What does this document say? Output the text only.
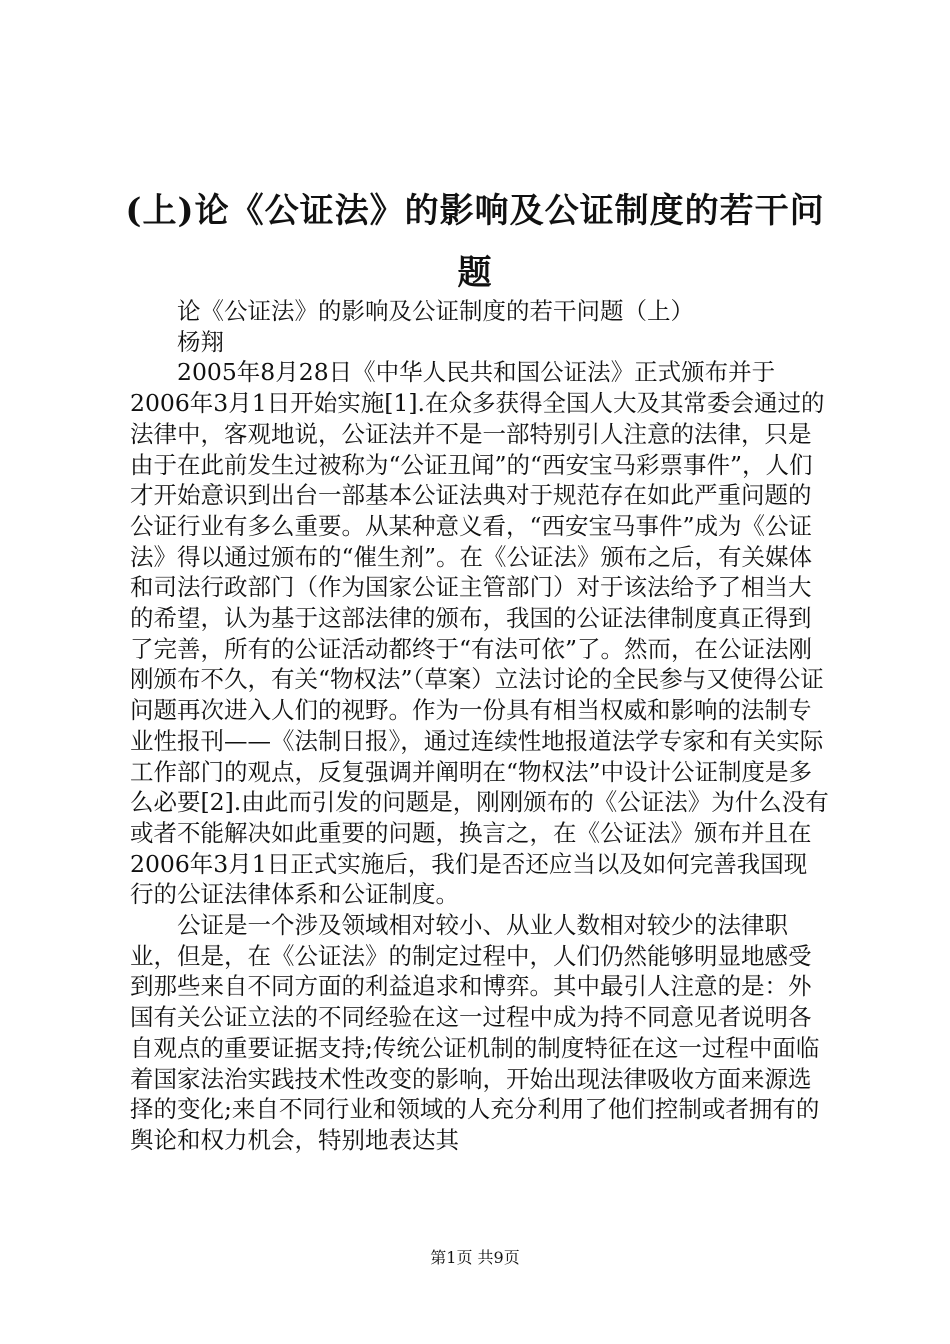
(上)论《公证法》的影响及公证制度的若干问题

论《公证法》的影响及公证制度的若干问题（上）

杨翔

2005年8月28日《中华人民共和国公证法》正式颁布并于2006年3月1日开始实施[1].在众多获得全国人大及其常委会通过的法律中，客观地说，公证法并不是一部特别引人注意的法律，只是由于在此前发生过被称为“公证丑闻”的“西安宝马彩票事件”，人们才开始意识到出台一部基本公证法典对于规范存在如此严重问题的公证行业有多么重要。从某种意义看，“西安宝马事件”成为《公证法》得以通过颁布的“催生剂”。在《公证法》颁布之后，有关媒体和司法行政部门（作为国家公证主管部门）对于该法给予了相当大的希望，认为基于这部法律的颁布，我国的公证法律制度真正得到了完善，所有的公证活动都终于“有法可依”了。然而，在公证法刚刚颁布不久，有关“物权法”（草案）立法讨论的全民参与又使得公证问题再次进入人们的视野。作为一份具有相当权威和影响的法制专业性报刊——《法制日报》，通过连续性地报道法学专家和有关实际工作部门的观点，反复强调并阐明在“物权法”中设计公证制度是多么必要[2].由此而引发的问题是，刚刚颁布的《公证法》为什么没有或者不能解决如此重要的问题，换言之，在《公证法》颁布并且在2006年3月1日正式实施后，我们是否还应当以及如何完善我国现行的公证法律体系和公证制度。

公证是一个涉及领域相对较小、从业人数相对较少的法律职业，但是，在《公证法》的制定过程中，人们仍然能够明显地感受到那些来自不同方面的利益追求和博弈。其中最引人注意的是：外国有关公证立法的不同经验在这一过程中成为持不同意见者说明各自观点的重要证据支持;传统公证机制的制度特征在这一过程中面临着国家法治实践技术性改变的影响，开始出现法律吸收方面来源选择的变化;来自不同行业和领域的人充分利用了他们控制或者拥有的舆论和权力机会，特别地表达其

第1页 共9页
